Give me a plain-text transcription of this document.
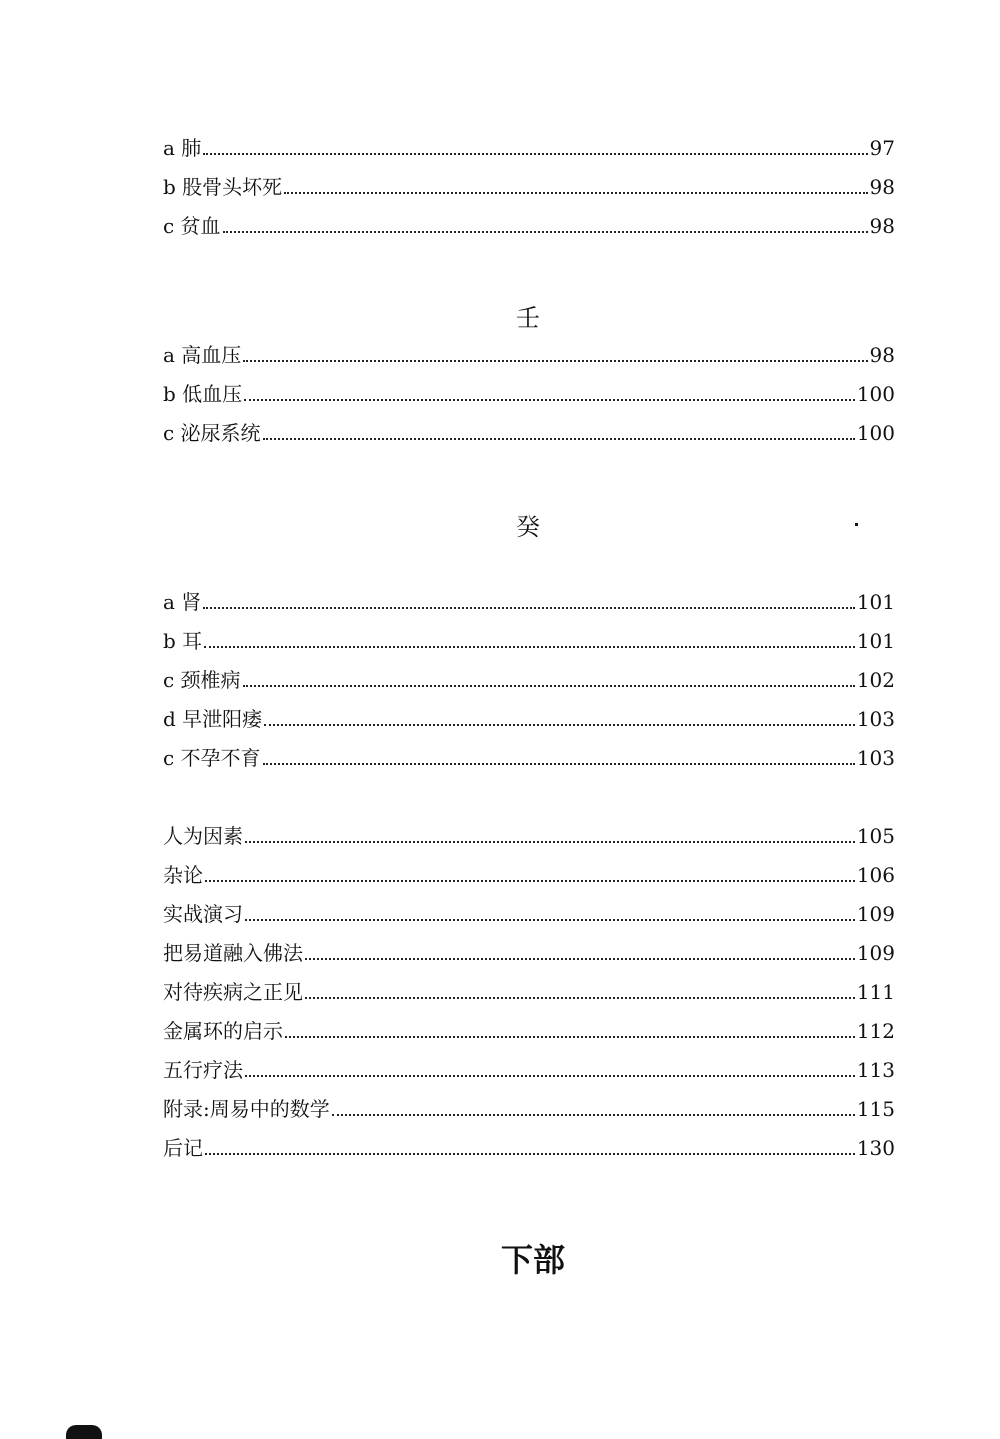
a 肺	97
b 股骨头坏死	98
c 贫血	98
壬
a 高血压	98
b 低血压	100
c 泌尿系统	100
癸
a 肾	101
b 耳	101
c 颈椎病	102
d 早泄阳痿	103
c 不孕不育	103
人为因素	105
杂论	106
实战演习	109
把易道融入佛法	109
对待疾病之正见	111
金属环的启示	112
五行疗法	113
附录:周易中的数学	115
后记	130
下部
